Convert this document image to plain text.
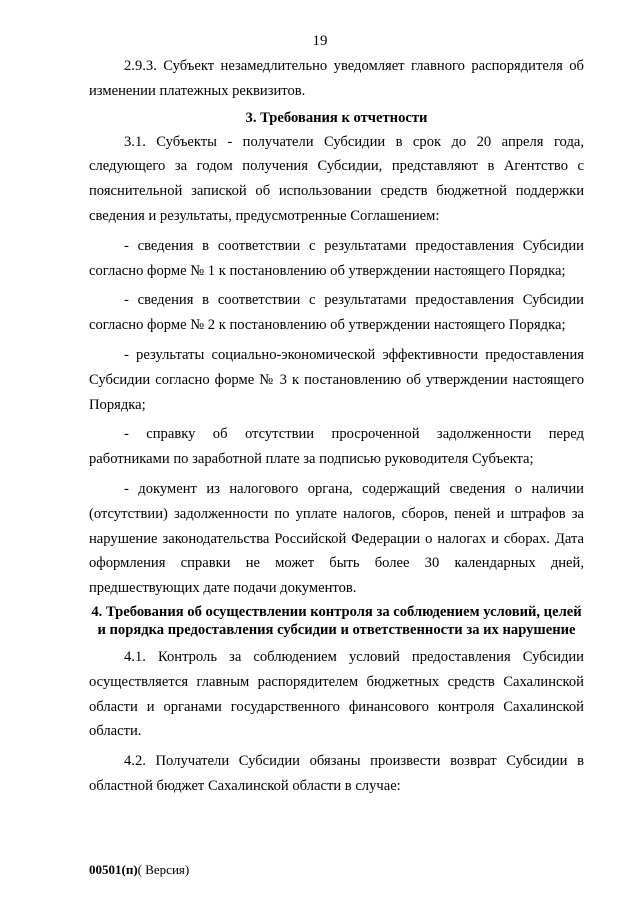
19

2.9.3. Субъект незамедлительно уведомляет главного распорядителя об изменении платежных реквизитов.

3. Требования к отчетности

3.1. Субъекты - получатели Субсидии в срок до 20 апреля года, следующего за годом получения Субсидии, представляют в Агентство с пояснительной запиской об использовании средств бюджетной поддержки сведения и результаты, предусмотренные Соглашением:

- сведения в соответствии с результатами предоставления Субсидии согласно форме № 1 к постановлению об утверждении настоящего Порядка;

- сведения в соответствии с результатами предоставления Субсидии согласно форме № 2 к постановлению об утверждении настоящего Порядка;

- результаты социально-экономической эффективности предоставления Субсидии согласно форме № 3 к постановлению об утверждении настоящего Порядка;

- справку об отсутствии просроченной задолженности перед работниками по заработной плате за подписью руководителя Субъекта;

- документ из налогового органа, содержащий сведения о наличии (отсутствии) задолженности по уплате налогов, сборов, пеней и штрафов за нарушение законодательства Российской Федерации о налогах и сборах. Дата оформления справки не может быть более 30 календарных дней, предшествующих дате подачи документов.

4. Требования об осуществлении контроля за соблюдением условий, целей и порядка предоставления субсидии и ответственности за их нарушение

4.1. Контроль за соблюдением условий предоставления Субсидии осуществляется главным распорядителем бюджетных средств Сахалинской области и органами государственного финансового контроля Сахалинской области.

4.2. Получатели Субсидии обязаны произвести возврат Субсидии в областной бюджет Сахалинской области в случае:

00501(п)( Версия)
